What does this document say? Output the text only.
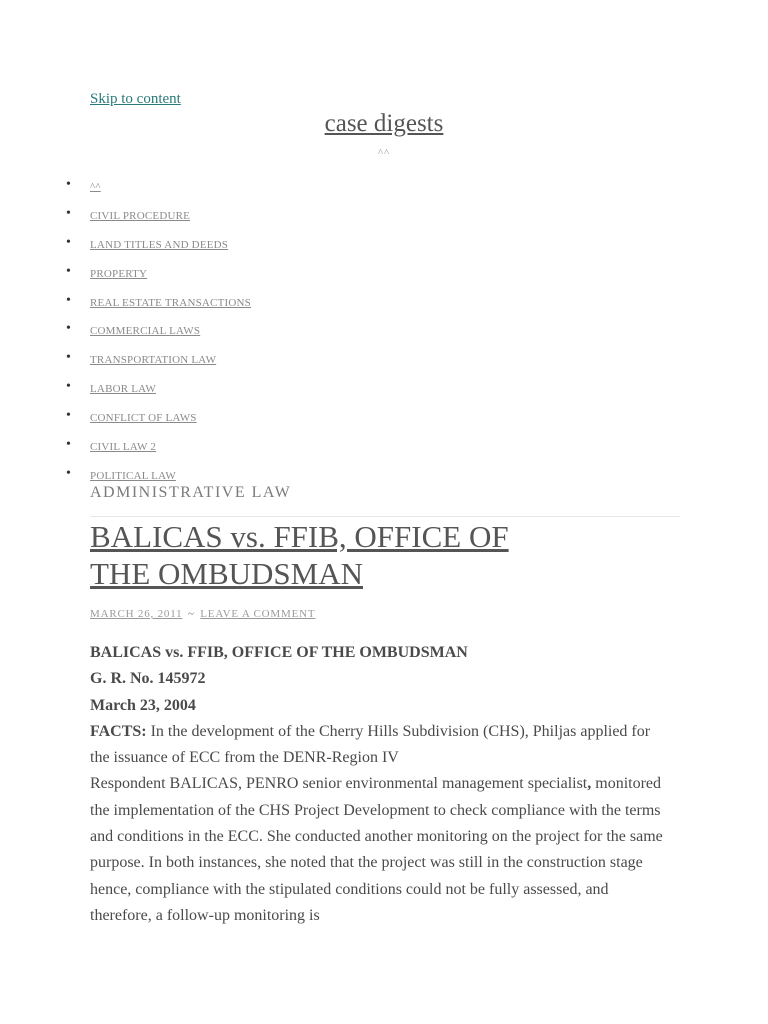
Skip to content
case digests
^^
• ^^
• CIVIL PROCEDURE
• LAND TITLES AND DEEDS
• PROPERTY
• REAL ESTATE TRANSACTIONS
• COMMERCIAL LAWS
• TRANSPORTATION LAW
• LABOR LAW
• CONFLICT OF LAWS
• CIVIL LAW 2
• POLITICAL LAW
ADMINISTRATIVE LAW
BALICAS vs. FFIB, OFFICE OF THE OMBUDSMAN
MARCH 26, 2011 ~ LEAVE A COMMENT

BALICAS vs. FFIB, OFFICE OF THE OMBUDSMAN

G. R. No. 145972

March 23, 2004

FACTS: In the development of the Cherry Hills Subdivision (CHS), Philjas applied for the issuance of ECC from the DENR-Region IV

Respondent BALICAS, PENRO senior environmental management specialist, monitored the implementation of the CHS Project Development to check compliance with the terms and conditions in the ECC. She conducted another monitoring on the project for the same purpose. In both instances, she noted that the project was still in the construction stage hence, compliance with the stipulated conditions could not be fully assessed, and therefore, a follow-up monitoring is
